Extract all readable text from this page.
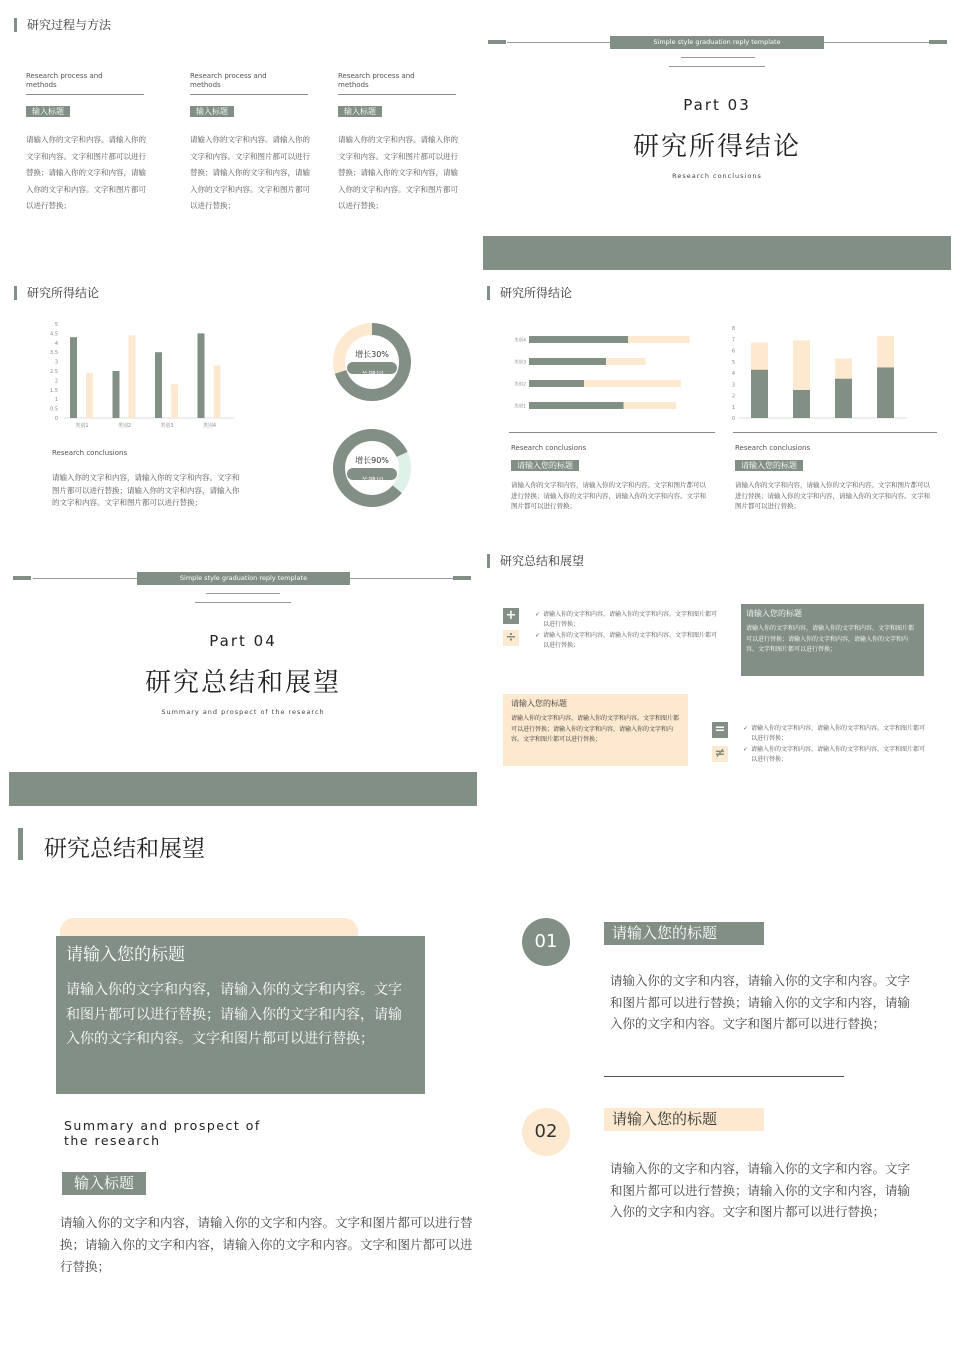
研究过程与方法
Research process and
methods
输入标题
请输入你的文字和内容。请输入你的文字和内容。文字和图片都可以进行替换；请输入你的文字和内容，请输入你的文字和内容。文字和图片都可以进行替换；
Research process and
methods
输入标题
请输入你的文字和内容。请输入你的文字和内容。文字和图片都可以进行替换；请输入你的文字和内容，请输入你的文字和内容。文字和图片都可以进行替换；
Research process and
methods
输入标题
请输入你的文字和内容。请输入你的文字和内容。文字和图片都可以进行替换；请输入你的文字和内容，请输入你的文字和内容。文字和图片都可以进行替换；
Simple style graduation reply template
Part 03
研究所得结论
Research conclusions
研究所得结论
0
0.5
1
1.5
2
2.5
3
3.5
4
4.5
5
类别1	类别2	类别3	类别4
Research conclusions
请输入你的文字和内容，请输入你的文字和内容。文字和图片都可以进行替换；请输入你的文字和内容，请输入你的文字和内容。文字和图片都可以进行替换；
增长30%
关键词
增长90%
关键词
研究所得结论
类别4
类别3
类别2
类别1
Research conclusions
请输入您的标题
请输入你的文字和内容，请输入你的文字和内容。文字和图片都可以进行替换；请输入你的文字和内容，请输入你的文字和内容。文字和图片都可以进行替换；
0
1
2
3
4
5
6
7
8
Research conclusions
请输入您的标题
请输入你的文字和内容，请输入你的文字和内容。文字和图片都可以进行替换；请输入你的文字和内容，请输入你的文字和内容。文字和图片都可以进行替换；
Simple style graduation reply template
Part 04
研究总结和展望
Summary and prospect of the research
研究总结和展望
+
÷
✓ 请输入你的文字和内容，请输入你的文字和内容。文字和图片都可以进行替换；
✓ 请输入你的文字和内容，请输入你的文字和内容。文字和图片都可以进行替换；
请输入您的标题
请输入你的文字和内容，请输入你的文字和内容。文字和图片都可以进行替换；请输入你的文字和内容，请输入你的文字和内容。文字和图片都可以进行替换；
请输入您的标题
请输入你的文字和内容，请输入你的文字和内容。文字和图片都可以进行替换；请输入你的文字和内容，请输入你的文字和内容。文字和图片都可以进行替换；
=
≠
✓ 请输入你的文字和内容，请输入你的文字和内容。文字和图片都可以进行替换；
✓ 请输入你的文字和内容，请输入你的文字和内容。文字和图片都可以进行替换；
研究总结和展望
请输入您的标题
请输入你的文字和内容，请输入你的文字和内容。文字和图片都可以进行替换；请输入你的文字和内容，请输入你的文字和内容。文字和图片都可以进行替换；
Summary and prospect of
the research
输入标题
请输入你的文字和内容，请输入你的文字和内容。文字和图片都可以进行替换；请输入你的文字和内容，请输入你的文字和内容。文字和图片都可以进行替换；
01	请输入您的标题
请输入你的文字和内容，请输入你的文字和内容。文字和图片都可以进行替换；请输入你的文字和内容，请输入你的文字和内容。文字和图片都可以进行替换；
02
请输入您的标题
请输入你的文字和内容，请输入你的文字和内容。文字和图片都可以进行替换；请输入你的文字和内容，请输入你的文字和内容。文字和图片都可以进行替换；
